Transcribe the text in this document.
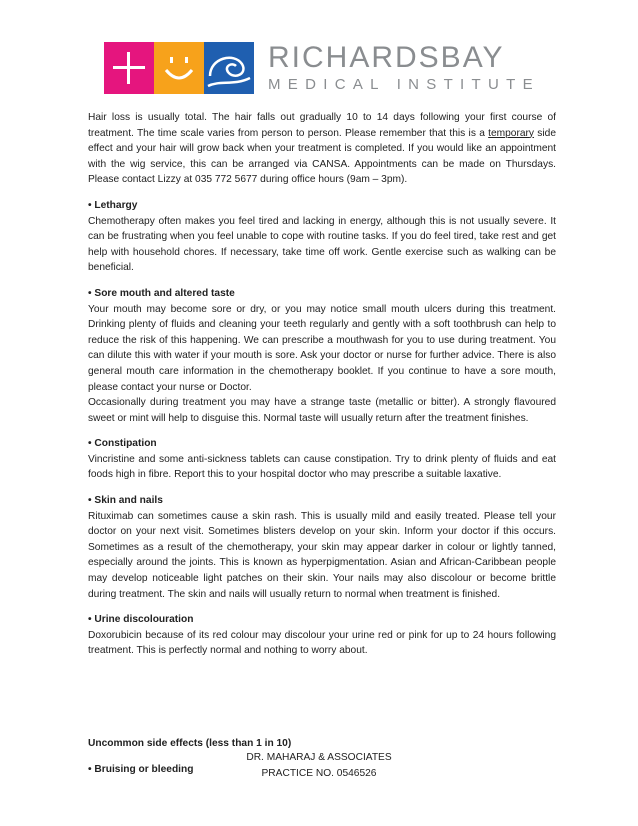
RICHARDSBAY
MEDICAL INSTITUTE

Hair loss is usually total. The hair falls out gradually 10 to 14 days following your first course of treatment. The time scale varies from person to person. Please remember that this is a temporary side effect and your hair will grow back when your treatment is completed. If you would like an appointment with the wig service, this can be arranged via CANSA. Appointments can be made on Thursdays. Please contact Lizzy at 035 772 5677 during office hours (9am – 3pm).

• Lethargy

Chemotherapy often makes you feel tired and lacking in energy, although this is not usually severe. It can be frustrating when you feel unable to cope with routine tasks. If you do feel tired, take rest and get help with household chores. If necessary, take time off work. Gentle exercise such as walking can be beneficial.

• Sore mouth and altered taste

Your mouth may become sore or dry, or you may notice small mouth ulcers during this treatment. Drinking plenty of fluids and cleaning your teeth regularly and gently with a soft toothbrush can help to reduce the risk of this happening. We can prescribe a mouthwash for you to use during treatment. You can dilute this with water if your mouth is sore. Ask your doctor or nurse for further advice. There is also general mouth care information in the chemotherapy booklet. If you continue to have a sore mouth, please contact your nurse or Doctor.

Occasionally during treatment you may have a strange taste (metallic or bitter). A strongly flavoured sweet or mint will help to disguise this. Normal taste will usually return after the treatment finishes.

• Constipation

Vincristine and some anti-sickness tablets can cause constipation. Try to drink plenty of fluids and eat foods high in fibre. Report this to your hospital doctor who may prescribe a suitable laxative.

• Skin and nails

Rituximab can sometimes cause a skin rash. This is usually mild and easily treated. Please tell your doctor on your next visit. Sometimes blisters develop on your skin. Inform your doctor if this occurs. Sometimes as a result of the chemotherapy, your skin may appear darker in colour or lightly tanned, especially around the joints. This is known as hyperpigmentation. Asian and African-Caribbean people may develop noticeable light patches on their skin. Your nails may also discolour or become brittle during treatment. The skin and nails will usually return to normal when treatment is finished.

• Urine discolouration

Doxorubicin because of its red colour may discolour your urine red or pink for up to 24 hours following treatment. This is perfectly normal and nothing to worry about.

Uncommon side effects (less than 1 in 10)
• Bruising or bleeding
DR. MAHARAJ & ASSOCIATES
PRACTICE NO. 0546526
